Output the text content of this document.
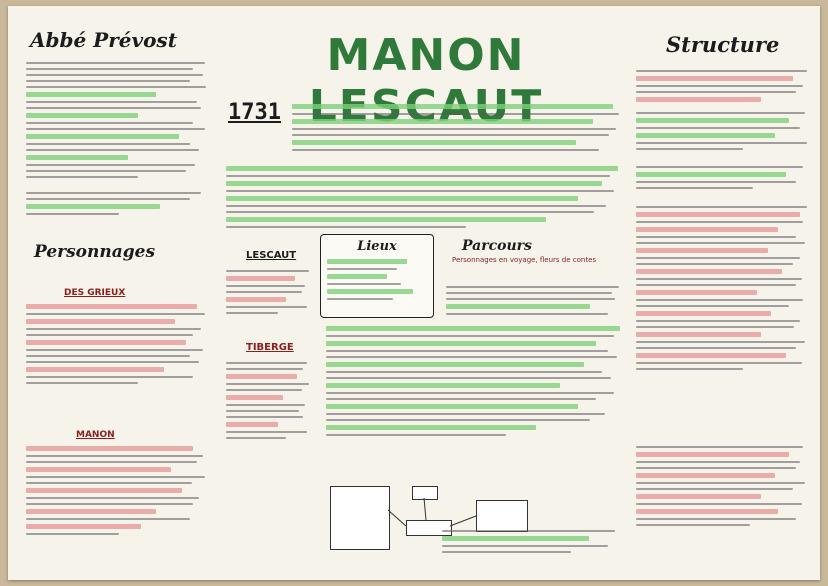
Abbé Prévost
Personnages
DES GRIEUX
MANON
MANON
1731
LESCAUT
TIBERGE
Lieux	Parcours
Personnages en voyage, fleurs de contes
Structure
